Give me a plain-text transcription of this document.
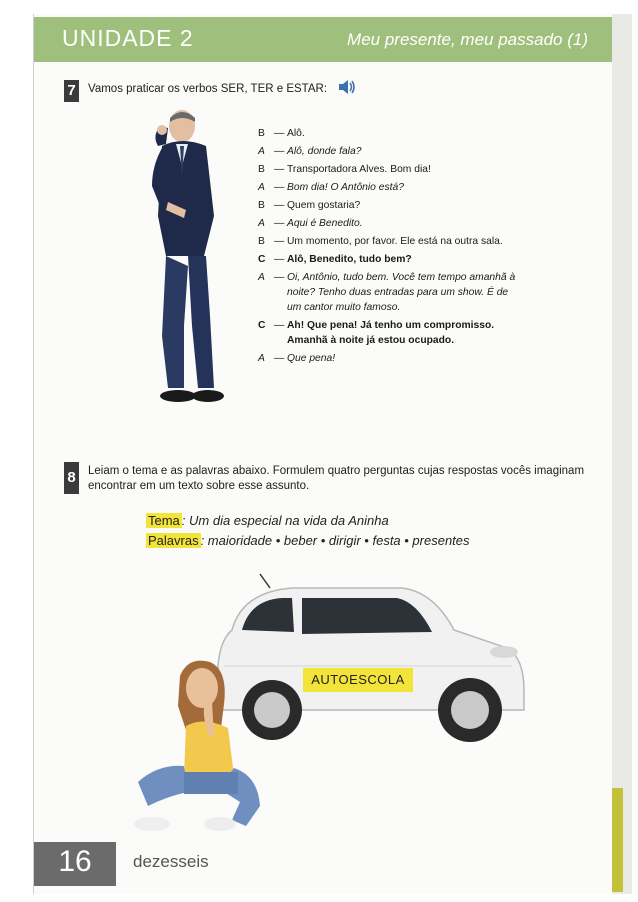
UNIDADE 2	Meu presente, meu passado (1)
7 Vamos praticar os verbos SER, TER e ESTAR:
B — Alô.
A — Alô, donde fala?
B — Transportadora Alves. Bom dia!
A — Bom dia! O Antônio está?
B — Quem gostaria?
A — Aqui é Benedito.
B — Um momento, por favor. Ele está na outra sala.
C — Alô, Benedito, tudo bem?
A — Oi, Antônio, tudo bem. Você tem tempo amanhã à noite? Tenho duas entradas para um show. É de um cantor muito famoso.
C — Ah! Que pena! Já tenho um compromisso. Amanhã à noite já estou ocupado.
A — Que pena!
8 Leiam o tema e as palavras abaixo. Formulem quatro perguntas cujas respostas vocês imaginam encontrar em um texto sobre esse assunto.
Tema : Um dia especial na vida da Aninha
Palavras : maioridade • beber • dirigir • festa • presentes
AUTOESCOLA
16	dezesseis
